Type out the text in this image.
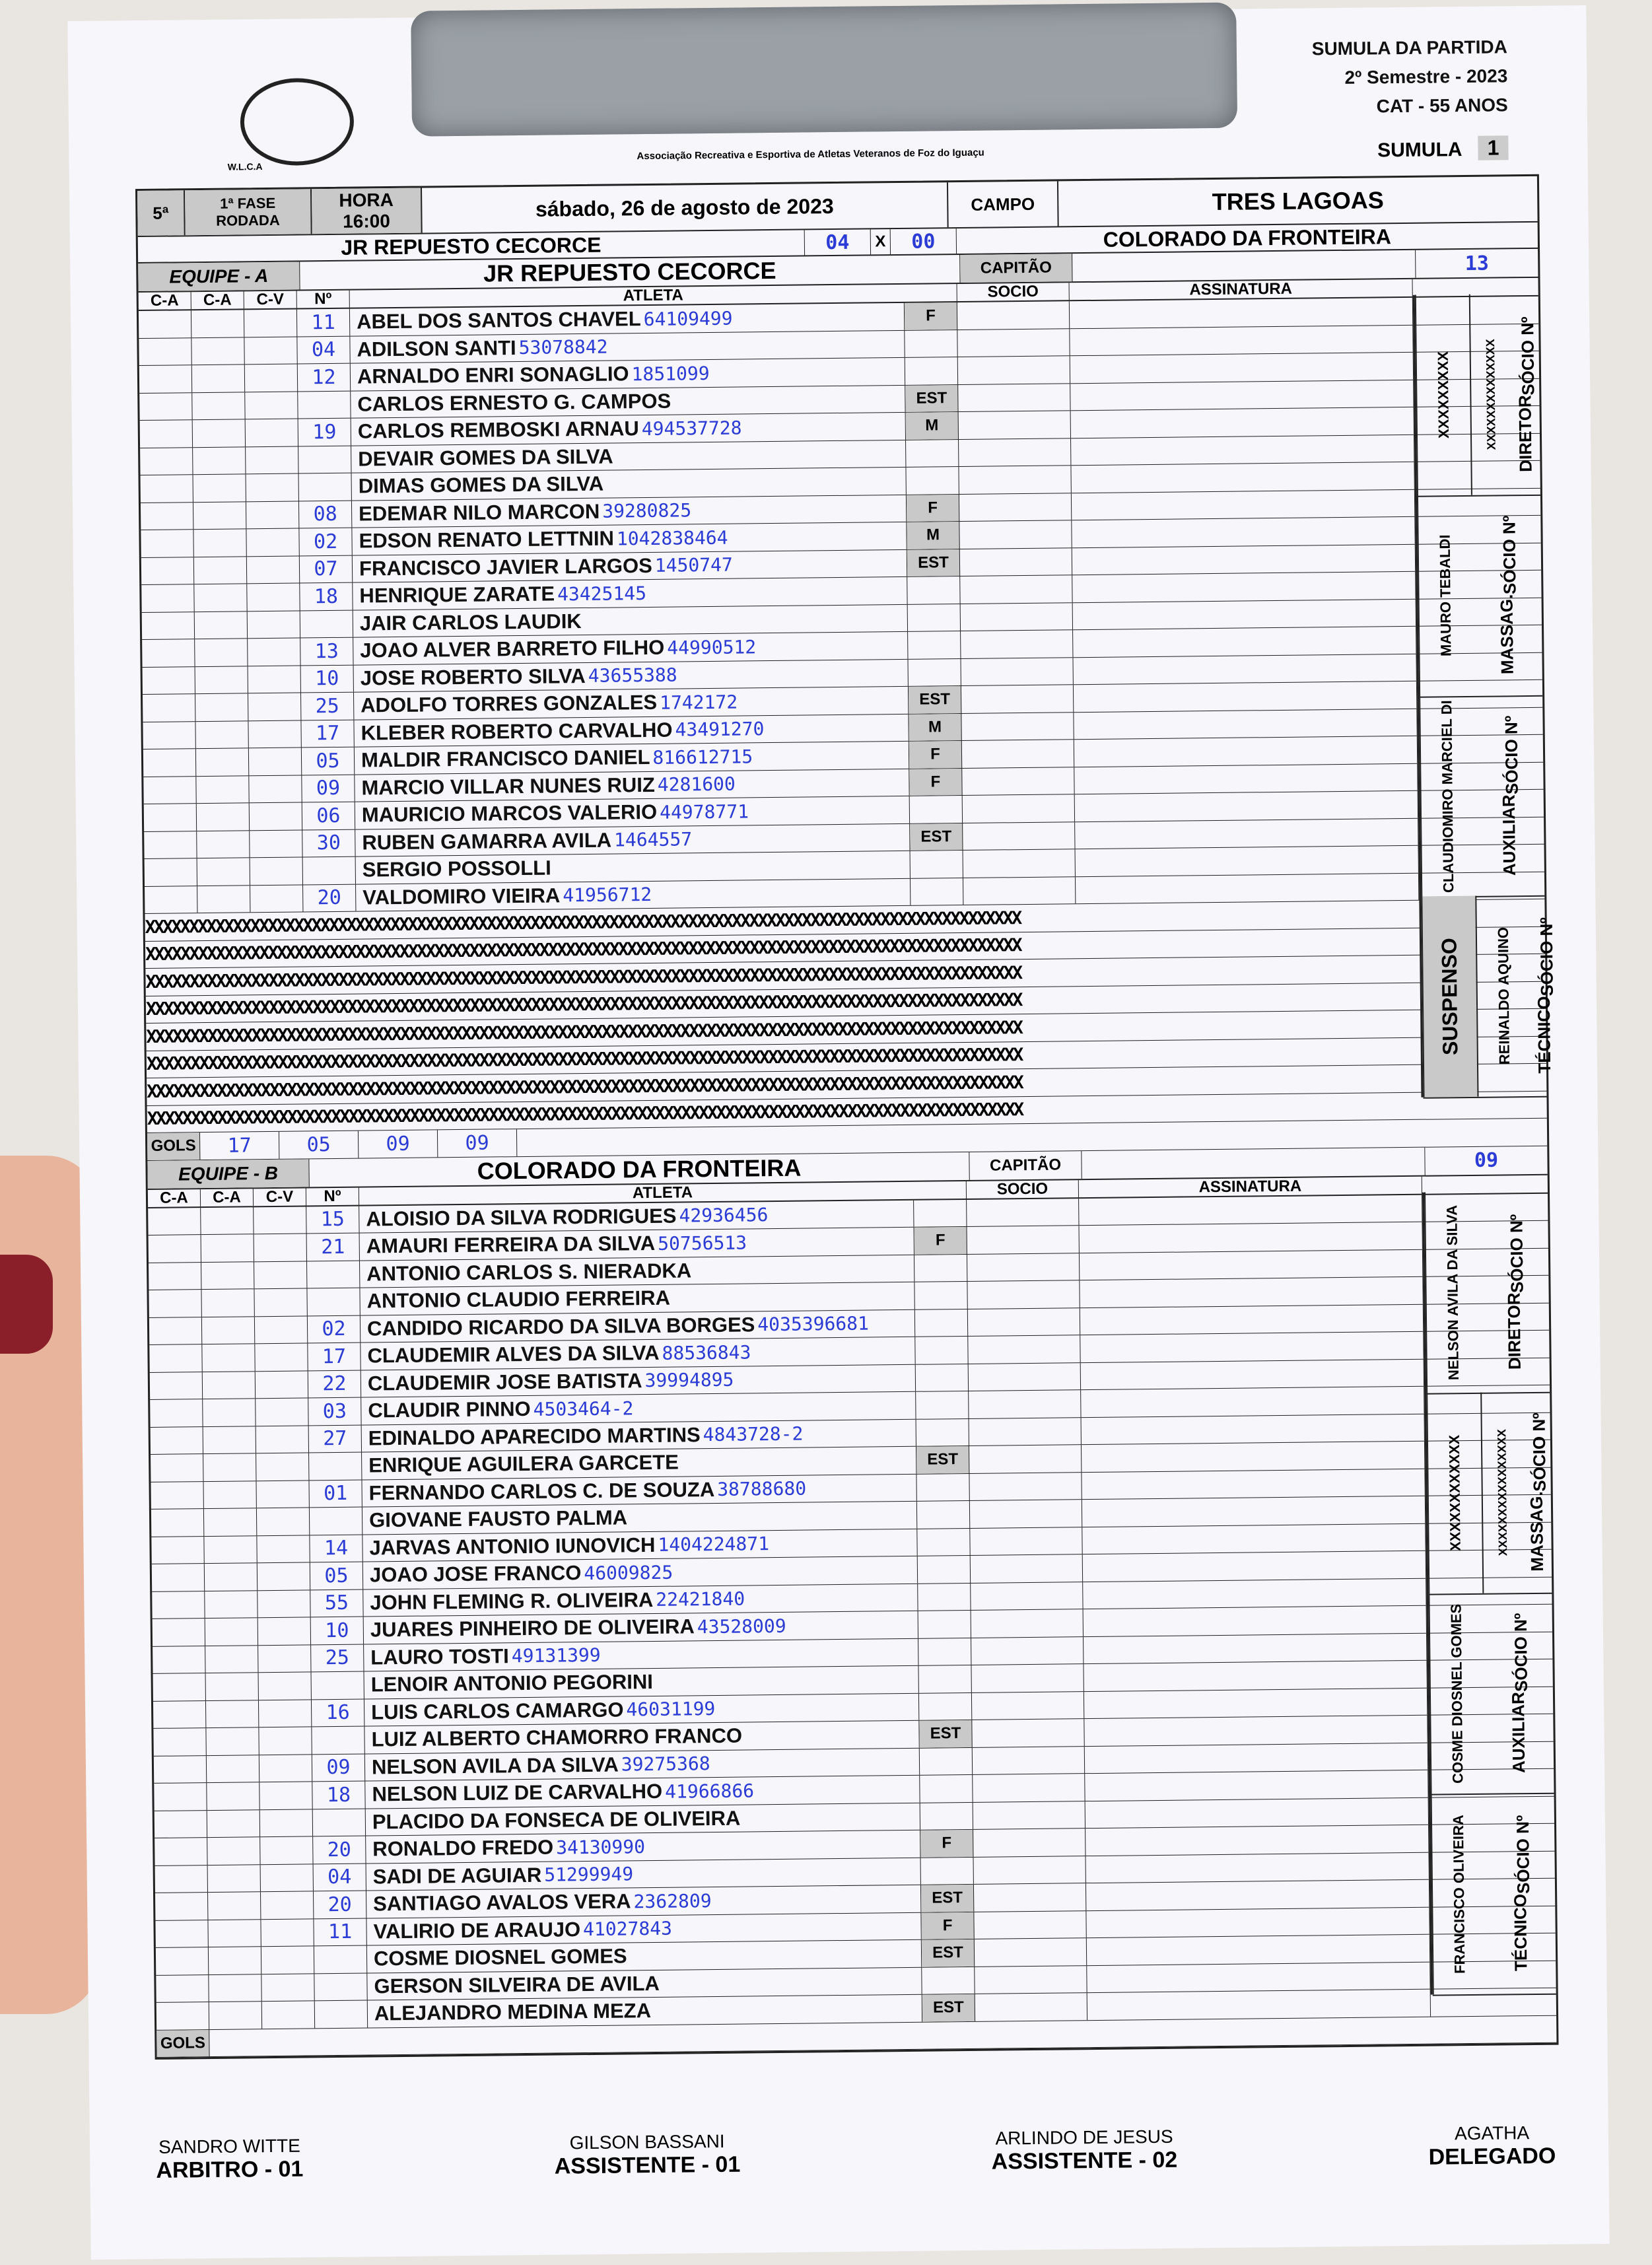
W.L.C.A
Associação Recreativa e Esportiva de Atletas Veteranos de Foz do Iguaçu
SUMULA DA PARTIDA
2º Semestre - 2023
CAT - 55 ANOS
SUMULA	1
5ª	1ª FASE
RODADA
HORA
16:00
sábado, 26 de agosto de 2023	CAMPO	TRES LAGOAS
JR REPUESTO CECORCE	04	X	00	COLORADO DA FRONTEIRA
EQUIPE - A	JR REPUESTO CECORCE	CAPITÃO	13
C-A	C-A	C-V	Nº	ATLETA	SOCIO	ASSINATURA
11	ABEL DOS SANTOS CHAVEL 64109499	F
04	ADILSON SANTI 53078842
12	ARNALDO ENRI SONAGLIO 1851099
CARLOS ERNESTO G. CAMPOS	EST
19	CARLOS REMBOSKI ARNAU 494537728	M
DEVAIR GOMES DA SILVA
DIMAS GOMES DA SILVA
08	EDEMAR NILO MARCON 39280825	F
02	EDSON RENATO LETTNIN 1042838464	M
07	FRANCISCO JAVIER LARGOS 1450747	EST
18	HENRIQUE ZARATE 43425145
JAIR CARLOS LAUDIK
13	JOAO ALVER BARRETO FILHO 44990512
10	JOSE ROBERTO SILVA 43655388
25	ADOLFO TORRES GONZALES 1742172	EST
17	KLEBER ROBERTO CARVALHO 43491270	M
05	MALDIR FRANCISCO DANIEL 816612715	F
09	MARCIO VILLAR NUNES RUIZ 4281600	F
06	MAURICIO MARCOS VALERIO 44978771
30	RUBEN GAMARRA AVILA 1464557	EST
SERGIO POSSOLLI
20	VALDOMIRO VIEIRA 41956712
XXXXXXXXXXXXXXXXXXXXXXXXXXXXXXXXXXXXXXXXXXXXXXXXXXXXXXXXXXXXXXXXXXXXXXXXXXXXXXXXXXXXXXXXXXXXXXXXXXXX
XXXXXXXXXXXXXXXXXXXXXXXXXXXXXXXXXXXXXXXXXXXXXXXXXXXXXXXXXXXXXXXXXXXXXXXXXXXXXXXXXXXXXXXXXXXXXXXXXXXX
XXXXXXXXXXXXXXXXXXXXXXXXXXXXXXXXXXXXXXXXXXXXXXXXXXXXXXXXXXXXXXXXXXXXXXXXXXXXXXXXXXXXXXXXXXXXXXXXXXXX
XXXXXXXXXXXXXXXXXXXXXXXXXXXXXXXXXXXXXXXXXXXXXXXXXXXXXXXXXXXXXXXXXXXXXXXXXXXXXXXXXXXXXXXXXXXXXXXXXXXX
XXXXXXXXXXXXXXXXXXXXXXXXXXXXXXXXXXXXXXXXXXXXXXXXXXXXXXXXXXXXXXXXXXXXXXXXXXXXXXXXXXXXXXXXXXXXXXXXXXXX
XXXXXXXXXXXXXXXXXXXXXXXXXXXXXXXXXXXXXXXXXXXXXXXXXXXXXXXXXXXXXXXXXXXXXXXXXXXXXXXXXXXXXXXXXXXXXXXXXXXX
XXXXXXXXXXXXXXXXXXXXXXXXXXXXXXXXXXXXXXXXXXXXXXXXXXXXXXXXXXXXXXXXXXXXXXXXXXXXXXXXXXXXXXXXXXXXXXXXXXXX
XXXXXXXXXXXXXXXXXXXXXXXXXXXXXXXXXXXXXXXXXXXXXXXXXXXXXXXXXXXXXXXXXXXXXXXXXXXXXXXXXXXXXXXXXXXXXXXXXXXX
GOLS	17	05	09	09
EQUIPE - B	COLORADO DA FRONTEIRA	CAPITÃO	09
C-A	C-A	C-V	Nº	ATLETA	SOCIO	ASSINATURA
15	ALOISIO DA SILVA RODRIGUES 42936456
21	AMAURI FERREIRA DA SILVA 50756513	F
ANTONIO CARLOS S. NIERADKA
ANTONIO CLAUDIO FERREIRA
02	CANDIDO RICARDO DA SILVA BORGES 4035396681
17	CLAUDEMIR ALVES DA SILVA 88536843
22	CLAUDEMIR JOSE BATISTA 39994895
03	CLAUDIR PINNO 4503464-2
27	EDINALDO APARECIDO MARTINS 4843728-2
ENRIQUE AGUILERA GARCETE	EST
01	FERNANDO CARLOS C. DE SOUZA 38788680
GIOVANE FAUSTO PALMA
14	JARVAS ANTONIO IUNOVICH 1404224871
05	JOAO JOSE FRANCO 46009825
55	JOHN FLEMING R. OLIVEIRA 22421840
10	JUARES PINHEIRO DE OLIVEIRA 43528009
25	LAURO TOSTI 49131399
LENOIR ANTONIO PEGORINI
16	LUIS CARLOS CAMARGO 46031199
LUIZ ALBERTO CHAMORRO FRANCO	EST
09	NELSON AVILA DA SILVA 39275368
18	NELSON LUIZ DE CARVALHO 41966866
PLACIDO DA FONSECA DE OLIVEIRA
20	RONALDO FREDO 34130990	F
04	SADI DE AGUIAR 51299949
20	SANTIAGO AVALOS VERA 2362809	EST
11	VALIRIO DE ARAUJO 41027843	F
COSME DIOSNEL GOMES	EST
GERSON SILVEIRA DE AVILA
ALEJANDRO MEDINA MEZA	EST
GOLS
XXXXXXXXX	XXXXXXXXXXXXXX DIRETOR
SÓCIO Nº
MAURO TEBALDI	MASSAG.
SÓCIO Nº
CLAUDIOMIRO MARCIEL DI	AUXILIAR
SÓCIO Nº
SUSPENSO	REINALDO AQUINO	TÉCNICO
SÓCIO Nº
NELSON AVILA DA SILVA	DIRETOR
SÓCIO Nº
XXXXXXXXXXXX	XXXXXXXXXXXXXXXX MASSAG.
SÓCIO Nº
COSME DIOSNEL GOMES	AUXILIAR
SÓCIO Nº
FRANCISCO OLIVEIRA	TÉCNICO
SÓCIO Nº
SANDRO WITTE
ARBITRO - 01
GILSON BASSANI
ASSISTENTE - 01
ARLINDO DE JESUS
ASSISTENTE - 02
AGATHA
DELEGADO
